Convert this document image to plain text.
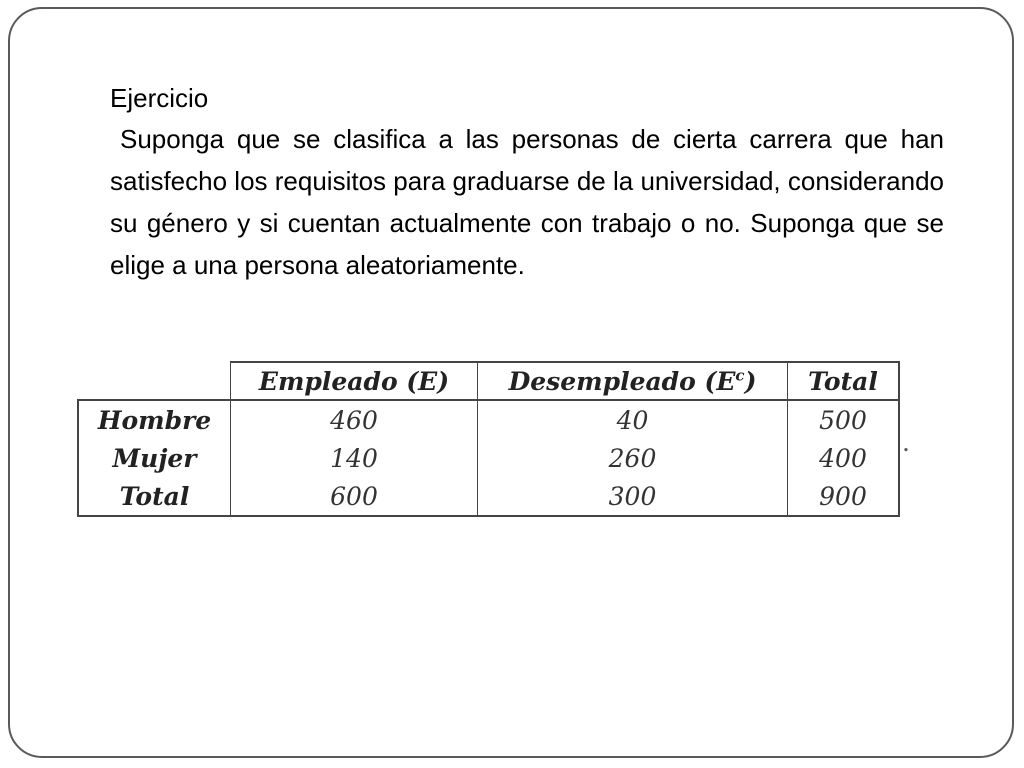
Ejercicio

Suponga que se clasifica a las personas de cierta carrera que han satisfecho los requisitos para graduarse de la universidad, considerando su género y si cuentan actualmente con trabajo o no. Suponga que se elige a una persona aleatoriamente.

	Empleado (E)	Desempleado $(E^c)$	Total
Hombre	460	40	500
Mujer	140	260	400
Total	600	300	900
.
